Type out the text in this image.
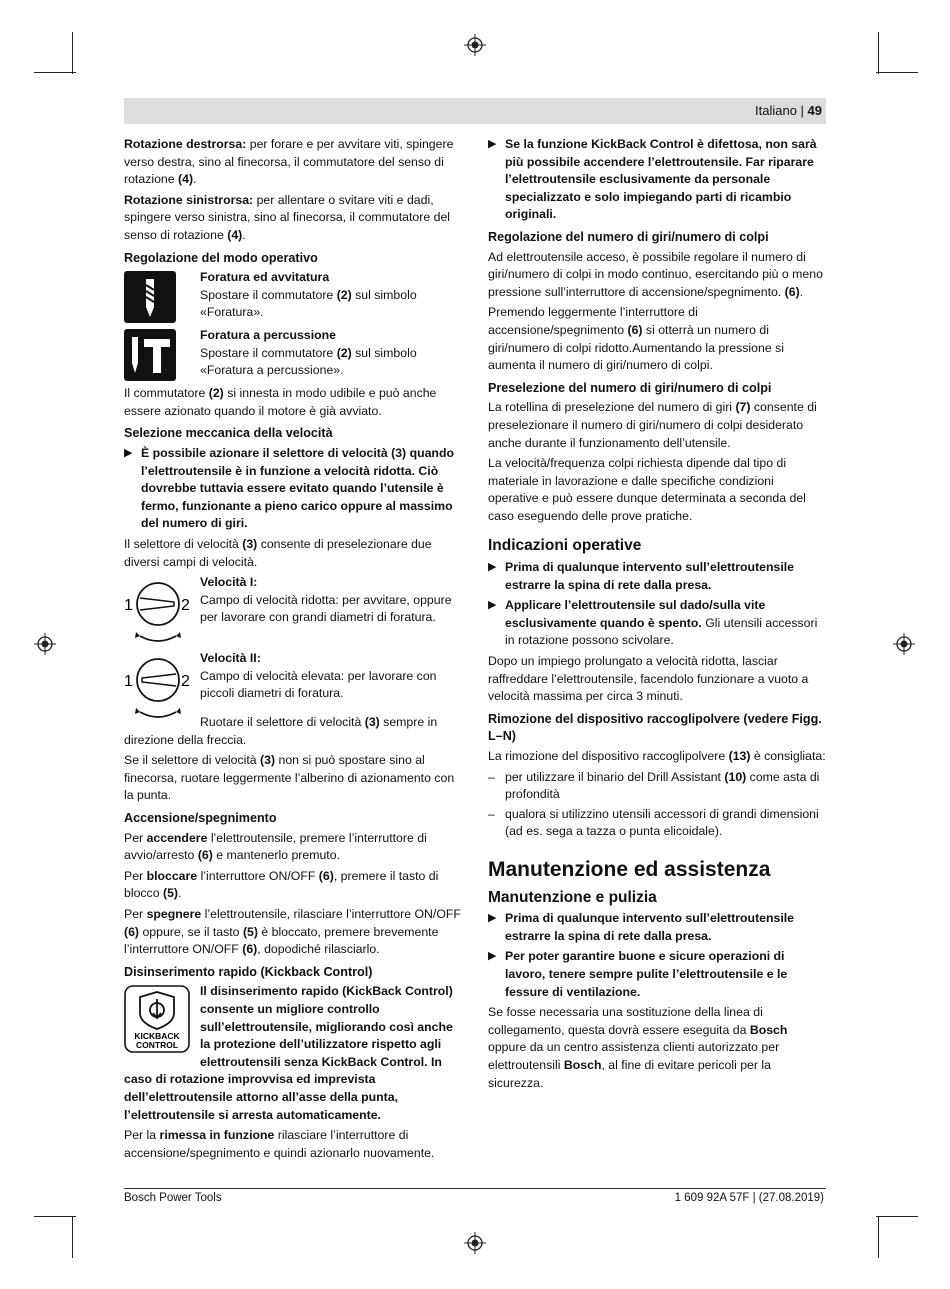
Italiano | 49

Rotazione destrorsa: per forare e per avvitare viti, spingere verso destra, sino al finecorsa, il commutatore del senso di rotazione (4).

Rotazione sinistrorsa: per allentare o svitare viti e dadi, spingere verso sinistra, sino al finecorsa, il commutatore del senso di rotazione (4).

Regolazione del modo operativo

Foratura ed avvitatura

Spostare il commutatore (2) sul simbolo «Foratura».

Foratura a percussione

Spostare il commutatore (2) sul simbolo «Foratura a percussione».

Il commutatore (2) si innesta in modo udibile e può anche essere azionato quando il motore è già avviato.

Selezione meccanica della velocità
▶ È possibile azionare il selettore di velocità (3) quando l’elettroutensile è in funzione a velocità ridotta. Ciò dovrebbe tuttavia essere evitato quando l’utensile è fermo, funzionante a pieno carico oppure al massimo del numero di giri.

Il selettore di velocità (3) consente di preselezionare due diversi campi di velocità.

1	2

Velocità I:

Campo di velocità ridotta: per avvitare, oppure per lavorare con grandi diametri di foratura.

1	2

Velocità II:

Campo di velocità elevata: per lavorare con piccoli diametri di foratura.

Ruotare il selettore di velocità (3) sempre in direzione della freccia.

Se il selettore di velocità (3) non si può spostare sino al finecorsa, ruotare leggermente l’alberino di azionamento con la punta.

Accensione/spegnimento

Per accendere l’elettroutensile, premere l’interruttore di avvio/arresto (6) e mantenerlo premuto.

Per bloccare l’interruttore ON/OFF (6), premere il tasto di blocco (5).

Per spegnere l’elettroutensile, rilasciare l’interruttore ON/OFF (6) oppure, se il tasto (5) è bloccato, premere brevemente l’interruttore ON/OFF (6), dopodiché rilasciarlo.

Disinserimento rapido (Kickback Control)
KICKBACK
CONTROL

Il disinserimento rapido (KickBack Control) consente un migliore controllo sull’elettroutensile, migliorando così anche la protezione dell’utilizzatore rispetto agli elettroutensili senza KickBack Control. In caso di rotazione improvvisa ed imprevista dell’elettroutensile attorno all’asse della punta, l’elettroutensile si arresta automaticamente.

Per la rimessa in funzione rilasciare l’interruttore di accensione/spegnimento e quindi azionarlo nuovamente.

▶ Se la funzione KickBack Control è difettosa, non sarà più possibile accendere l’elettroutensile. Far riparare l’elettroutensile esclusivamente da personale specializzato e solo impiegando parti di ricambio originali.
Regolazione del numero di giri/numero di colpi

Ad elettroutensile acceso, è possibile regolare il numero di giri/numero di colpi in modo continuo, esercitando più o meno pressione sull’interruttore di accensione/spegnimento. (6).

Premendo leggermente l’interruttore di accensione/spegnimento (6) si otterrà un numero di giri/numero di colpi ridotto.Aumentando la pressione si aumenta il numero di giri/numero di colpi.

Preselezione del numero di giri/numero di colpi

La rotellina di preselezione del numero di giri (7) consente di preselezionare il numero di giri/numero di colpi desiderato anche durante il funzionamento dell’utensile.

La velocità/frequenza colpi richiesta dipende dal tipo di materiale in lavorazione e dalle specifiche condizioni operative e può essere dunque determinata a seconda del caso eseguendo delle prove pratiche.

Indicazioni operative
▶ Prima di qualunque intervento sull’elettroutensile estrarre la spina di rete dalla presa.
▶ Applicare l’elettroutensile sul dado/sulla vite esclusivamente quando è spento. Gli utensili accessori in rotazione possono scivolare.

Dopo un impiego prolungato a velocità ridotta, lasciar raffreddare l’elettroutensile, facendolo funzionare a vuoto a velocità massima per circa 3 minuti.

Rimozione del dispositivo raccoglipolvere (vedere Figg. L–N)

La rimozione del dispositivo raccoglipolvere (13) è consigliata:

– per utilizzare il binario del Drill Assistant (10) come asta di profondità
– qualora si utilizzino utensili accessori di grandi dimensioni (ad es. sega a tazza o punta elicoidale).
Manutenzione ed assistenza
Manutenzione e pulizia
▶ Prima di qualunque intervento sull’elettroutensile estrarre la spina di rete dalla presa.
▶ Per poter garantire buone e sicure operazioni di lavoro, tenere sempre pulite l’elettroutensile e le fessure di ventilazione.

Se fosse necessaria una sostituzione della linea di collegamento, questa dovrà essere eseguita da Bosch oppure da un centro assistenza clienti autorizzato per elettroutensili Bosch, al fine di evitare pericoli per la sicurezza.

Bosch Power Tools	1 609 92A 57F | (27.08.2019)
